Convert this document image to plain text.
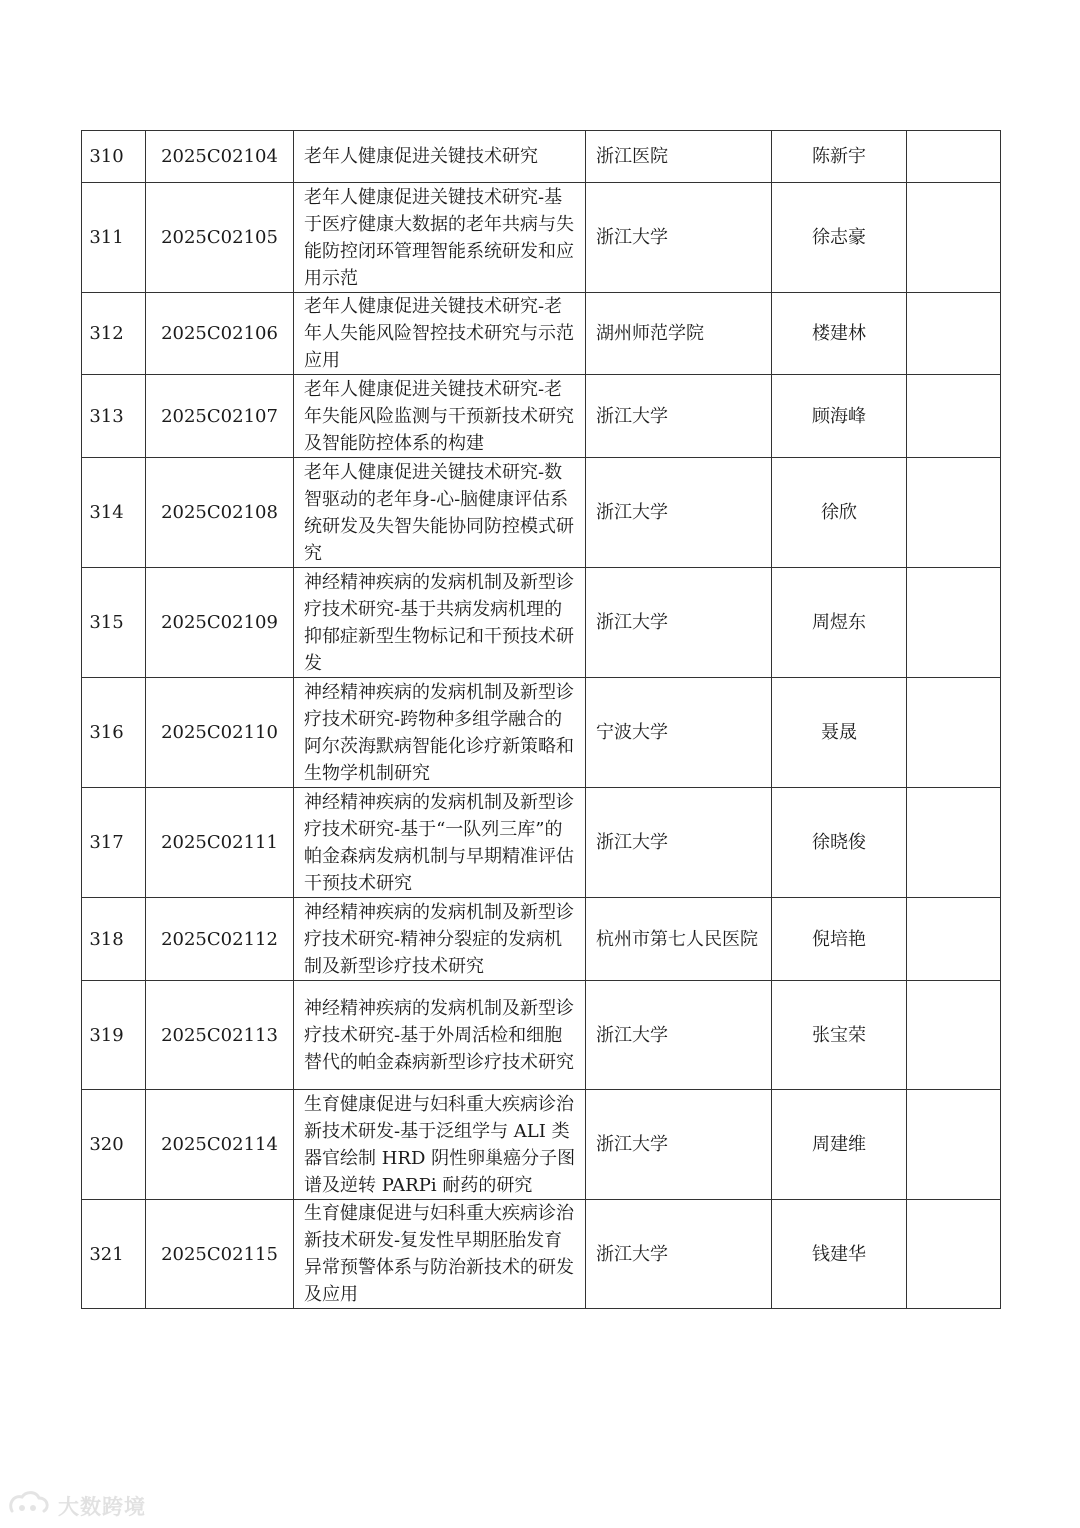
310	2025C02104	老年人健康促进关键技术研究	浙江医院	陈新宇	
311	2025C02105	老年人健康促进关键技术研究-基于医疗健康大数据的老年共病与失能防控闭环管理智能系统研发和应用示范	浙江大学	徐志豪	
312	2025C02106	老年人健康促进关键技术研究-老年人失能风险智控技术研究与示范应用	湖州师范学院	楼建林	
313	2025C02107	老年人健康促进关键技术研究-老年失能风险监测与干预新技术研究及智能防控体系的构建	浙江大学	顾海峰	
314	2025C02108	老年人健康促进关键技术研究-数智驱动的老年身-心-脑健康评估系统研发及失智失能协同防控模式研究	浙江大学	徐欣	
315	2025C02109	神经精神疾病的发病机制及新型诊疗技术研究-基于共病发病机理的抑郁症新型生物标记和干预技术研发	浙江大学	周煜东	
316	2025C02110	神经精神疾病的发病机制及新型诊疗技术研究-跨物种多组学融合的阿尔茨海默病智能化诊疗新策略和生物学机制研究	宁波大学	聂晟	
317	2025C02111	神经精神疾病的发病机制及新型诊疗技术研究-基于“一队列三库”的帕金森病发病机制与早期精准评估干预技术研究	浙江大学	徐晓俊	
318	2025C02112	神经精神疾病的发病机制及新型诊疗技术研究-精神分裂症的发病机制及新型诊疗技术研究	杭州市第七人民医院	倪培艳	
319	2025C02113	神经精神疾病的发病机制及新型诊疗技术研究-基于外周活检和细胞替代的帕金森病新型诊疗技术研究	浙江大学	张宝荣	
320	2025C02114	生育健康促进与妇科重大疾病诊治新技术研发-基于泛组学与 ALI 类器官绘制 HRD 阴性卵巢癌分子图谱及逆转 PARPi 耐药的研究	浙江大学	周建维	
321	2025C02115	生育健康促进与妇科重大疾病诊治新技术研发-复发性早期胚胎发育异常预警体系与防治新技术的研发及应用	浙江大学	钱建华	
大数跨境
